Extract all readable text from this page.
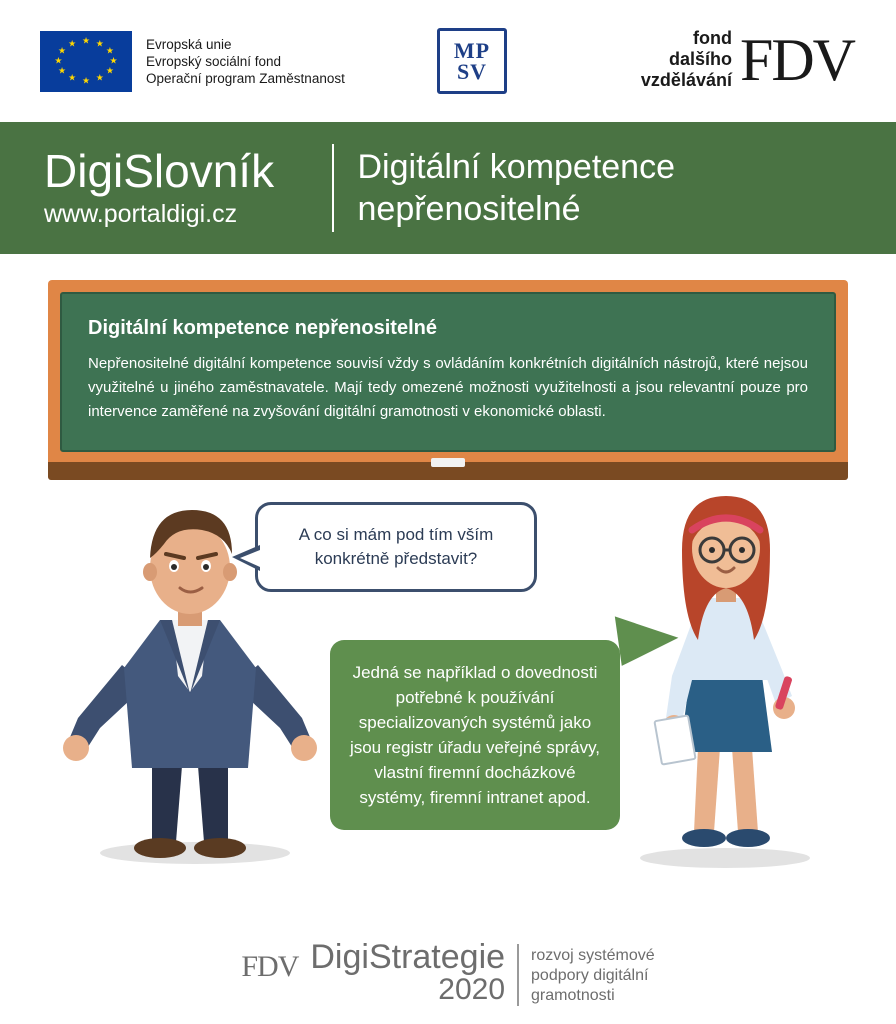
★ ★
★
★
★
★
★
★
★
★
★
★	Evropská unie
Evropský sociální fond
Operační program Zaměstnanost
MP
SV
fond
dalšího
vzdělávání FDV
DigiSlovník
www.portaldigi.cz
Digitální kompetence nepřenositelné
Digitální kompetence nepřenositelné

Nepřenositelné digitální kompetence souvisí vždy s ovládáním konkrétních digitálních nástrojů, které nejsou využitelné u jiného zaměstnavatele. Mají tedy omezené možnosti využitelnosti a jsou relevantní pouze pro intervence zaměřené na zvyšování digitální gramotnosti v ekonomické oblasti.

A co si mám pod tím vším konkrétně představit?
Jedná se například o dovednosti potřebné k používání specializovaných systémů jako jsou registr úřadu veřejné správy, vlastní firemní docházkové systémy, firemní intranet apod.
FDV DigiStrategie
2020
rozvoj systémové
podpory digitální
gramotnosti
